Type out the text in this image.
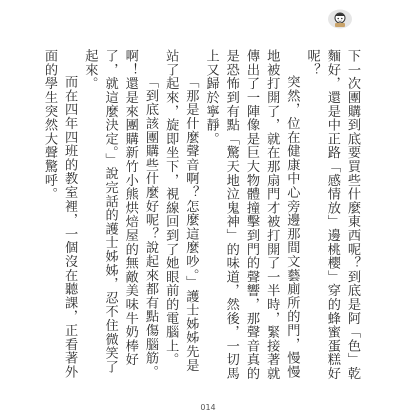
下一次團購到底要買些什麼東西呢？到底是阿「色」乾麵好，還是中正路「感情放」邊桃櫻」穿的蜂蜜蛋糕好呢？

突然，位在健康中心旁邊那間文藝廁所的門，慢慢地被打開了，就在那扇門才被打開了一半時，緊接著就傳出了一陣像是巨大物體撞擊到門的聲響，那聲音真的是恐怖到有點「驚天地泣鬼神」的味道，然後，一切馬上又歸於寧靜。

「那是什麼聲音啊？怎麼這麼吵。」護士姊姊先是站了起來，旋即坐下，視線回到了她眼前的電腦上。

「到底該團購些什麼好呢？說起來都有點傷腦筋。啊！還是來團購新竹小熊烘焙屋的無敵美味牛奶棒好了，就這麼決定。」說完話的護士姊姊，忍不住微笑了起來。

而在四年四班的教室裡，一個沒在聽課，正看著外面的學生突然大聲驚呼。

014
